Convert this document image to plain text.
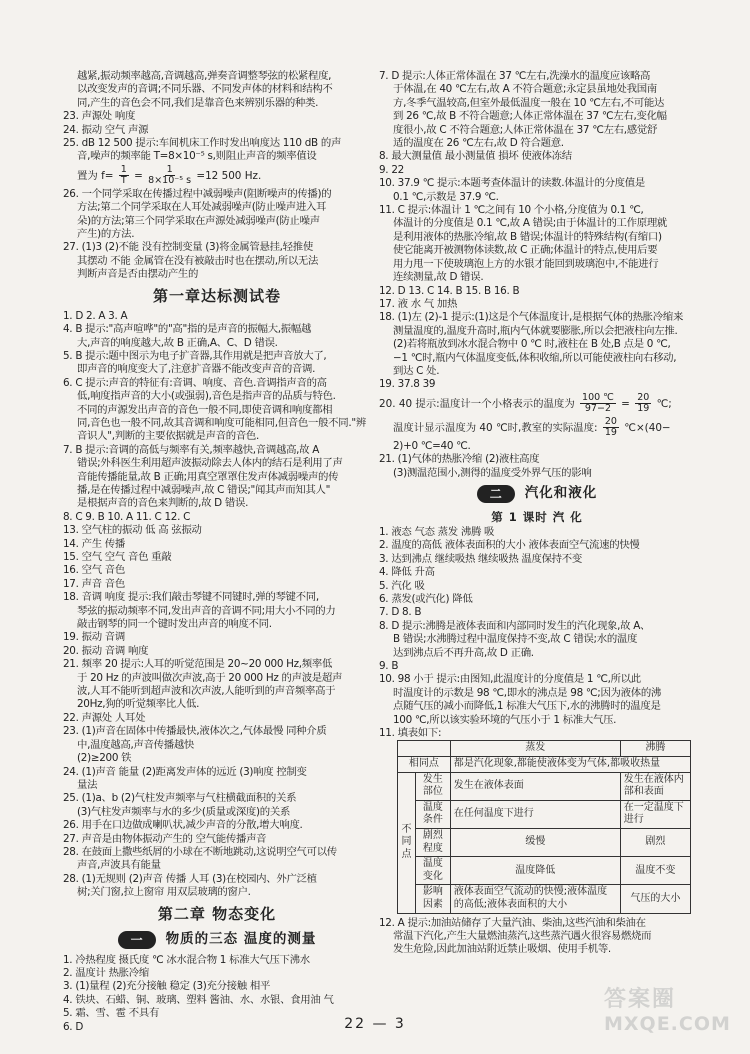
越紧,振动频率越高,音调越高,弹奏音调整琴弦的松紧程度,
以改变发声的音调;不同乐器、不同发声体的材料和结构不
同,产生的音色会不同,我们是靠音色来辨别乐器的种类.
23. 声源处 响度
24. 振动 空气 声源
25. dB 12 500 提示:车间机床工作时发出响度达 110 dB 的声
音,噪声的频率能 T=8×10⁻⁵ s,则阻止声音的频率值设
置为 $f= \frac{1}{T} = \frac{1}{\text{8×10⁻⁵ s}} =12$ 500 Hz.
26. 一个同学采取在传播过程中减弱噪声(阻断噪声的传播)的
方法;第二个同学采取在人耳处减弱噪声(防止噪声进入耳
朵)的方法;第三个同学采取在声源处减弱噪声(防止噪声
产生)的方法.
27. (1)3 (2)不能 没有控制变量 (3)将金属管悬挂,轻推使
其摆动 不能 金属管在没有被敲击时也在摆动,所以无法
判断声音是否由摆动产生的
第一章达标测试卷
1. D 2. A 3. A
4. B 提示:"高声喧哗"的"高"指的是声音的振幅大,振幅越
大,声音的响度越大,故 B 正确,A、C、D 错误.
5. B 提示:题中图示为电子扩音器,其作用就是把声音放大了,
即声音的响度变大了,注意扩音器不能改变声音的音调.
6. C 提示:声音的特征有:音调、响度、音色.音调指声音的高
低,响度指声音的大小(或强弱),音色是指声音的品质与特色.
不同的声源发出声音的音色一般不同,即使音调和响度都相
同,音色也一般不同,故其音调和响度可能相同,但音色一般不同."辨
音识人",判断的主要依据就是声音的音色.
7. B 提示:音调的高低与频率有关,频率越快,音调越高,故 A
错误;外科医生利用超声波振动除去人体内的结石是利用了声
音能传播能量,故 B 正确;用真空罩罩住发声体减弱噪声的传
播,是在传播过程中减弱噪声,故 C 错误;"闻其声而知其人"
是根据声音的音色来判断的,故 D 错误.
8. C 9. B 10. A 11. C 12. C
13. 空气柱的振动 低 高 弦振动
14. 产生 传播
15. 空气 空气 音色 重敲
16. 空气 音色
17. 声音 音色
18. 音调 响度 提示:我们敲击琴键不同键时,弹的琴键不同,
琴弦的振动频率不同,发出声音的音调不同;用大小不同的力
敲击钢琴的同一个键时发出声音的响度不同.
19. 振动 音调
20. 振动 音调 响度
21. 频率 20 提示:人耳的听觉范围是 20~20 000 Hz,频率低
于 20 Hz 的声波叫做次声波,高于 20 000 Hz 的声波是超声
波,人耳不能听到超声波和次声波,人能听到的声音频率高于
20Hz,狗的听觉频率比人低.
22. 声源处 人耳处
23. (1)声音在固体中传播最快,液体次之,气体最慢 同种介质
中,温度越高,声音传播越快
(2)≥200 铁
24. (1)声音 能量 (2)距离发声体的远近 (3)响度 控制变
量法
25. (1)a、b (2)气柱发声频率与气柱横截面积的关系
(3)气柱发声频率与水的多少(质量或深度)的关系
26. 用手在口边做成喇叭状,减少声音的分散,增大响度.
27. 声音是由物体振动产生的 空气能传播声音
28. 在鼓面上撒些纸屑的小球在不断地跳动,这说明空气可以传
声音,声波具有能量
28. (1)无规则 (2)声音 传播 人耳 (3)在校园内、外广泛植
树;关门窗,拉上窗帘 用双层玻璃的窗户.
第二章 物态变化
一	物质的三态 温度的测量
1. 冷热程度 摄氏度 ℃ 冰水混合物 1 标准大气压下沸水
2. 温度计 热胀冷缩
3. (1)量程 (2)充分接触 稳定 (3)充分接触 相平
4. 铁块、石蜡、铜、玻璃、塑料 酱油、水、水银、食用油 气
5. 霜、雪、雹 不具有
6. D
7. D 提示:人体正常体温在 37 ℃左右,洗澡水的温度应该略高
于体温,在 40 ℃左右,故 A 不符合题意;永定县虽地处我国南
方,冬季气温较高,但室外最低温度一般在 10 ℃左右,不可能达
到 26 ℃,故 B 不符合题意;人体正常体温在 37 ℃左右,变化幅
度很小,故 C 不符合题意;人体正常体温在 37 ℃左右,感觉舒
适的温度在 26 ℃左右,故 D 符合题意.
8. 最大测量值 最小测量值 損坏 使液体冻结
9. 22
10. 37.9 ℃ 提示:本题考查体温计的读数.体温计的分度值是
0.1 ℃,示数是 37.9 ℃.
11. C 提示:体温计 1 ℃之间有 10 个小格,分度值为 0.1 ℃,
体温计的分度值是 0.1 ℃,故 A 错误;由于体温计的工作原理就
是利用液体的热胀冷缩,故 B 错误;体温计的特殊结构(有缩口)
使它能离开被测物体读数,故 C 正确;体温计的特点,使用后要
用力甩一下使玻璃泡上方的水银才能回到玻璃泡中,不能进行
连续测量,故 D 错误.
12. D 13. C 14. B 15. B 16. B
17. 液 水 气 加热
18. (1)左 (2)-1 提示:(1)这是个气体温度计,是根据气体的热胀冷缩来
测量温度的,温度升高时,瓶内气体就要膨胀,所以会把液柱向左推.
(2)若将瓶放到冰水混合物中 0 ℃ 时,液柱在 B 处,B 点是 0 ℃,
−1 ℃时,瓶内气体温度变低,体积收缩,所以可能使液柱向右移动,
到达 C 处.
19. 37.8 39
20. 40 提示:温度计一个小格表示的温度为 $\frac{100 ℃}{97-2} = \frac{20}{19}$ ℃;
温度计显示温度为 40 ℃时,教室的实际温度: $\frac{20}{19}$ ℃×(40−
2)+0 ℃=40 ℃.
21. (1)气体的热胀冷缩 (2)液柱高度
(3)测温范围小,测得的温度受外界气压的影响
二	汽化和液化
第 1 课时 汽 化
1. 液态 气态 蒸发 沸腾 吸
2. 温度的高低 液体表面积的大小 液体表面空气流速的快慢
3. 达到沸点 继续吸热 继续吸热 温度保持不变
4. 降低 升高
5. 汽化 吸
6. 蒸发(或汽化) 降低
7. D 8. B
8. D 提示:沸腾是液体表面和内部同时发生的汽化现象,故 A、
B 错误;水沸腾过程中温度保持不变,故 C 错误;水的温度
达到沸点后不再升高,故 D 正确.
9. B
10. 98 小于 提示:由图知,此温度计的分度值是 1 ℃,所以此
时温度计的示数是 98 ℃,即水的沸点是 98 ℃;因为液体的沸
点随气压的减小而降低,1 标准大气压下,水的沸腾时的温度是
100 ℃,所以该实验环境的气压小于 1 标准大气压.
11. 填表如下:
		蒸发	沸腾
相同点		都是汽化现象,都能使液体变为气体,都吸收热量	
不同点	发生部位	发生在液体表面	发生在液体内部和表面
	温度条件	在任何温度下进行	在一定温度下进行
	剧烈程度	缓慢	剧烈
	温度变化	温度降低	温度不变
	影响因素	液体表面空气流动的快慢;液体温度的高低;液体表面积的大小	气压的大小
12. A 提示:加油站储存了大量汽油、柴油,这些汽油和柴油在
常温下汽化,产生大量燃油蒸汽,这些蒸汽遇火很容易燃烧而
发生危险,因此加油站附近禁止吸烟、使用手机等.
22 — 3
答案圈
MXQE.COM
